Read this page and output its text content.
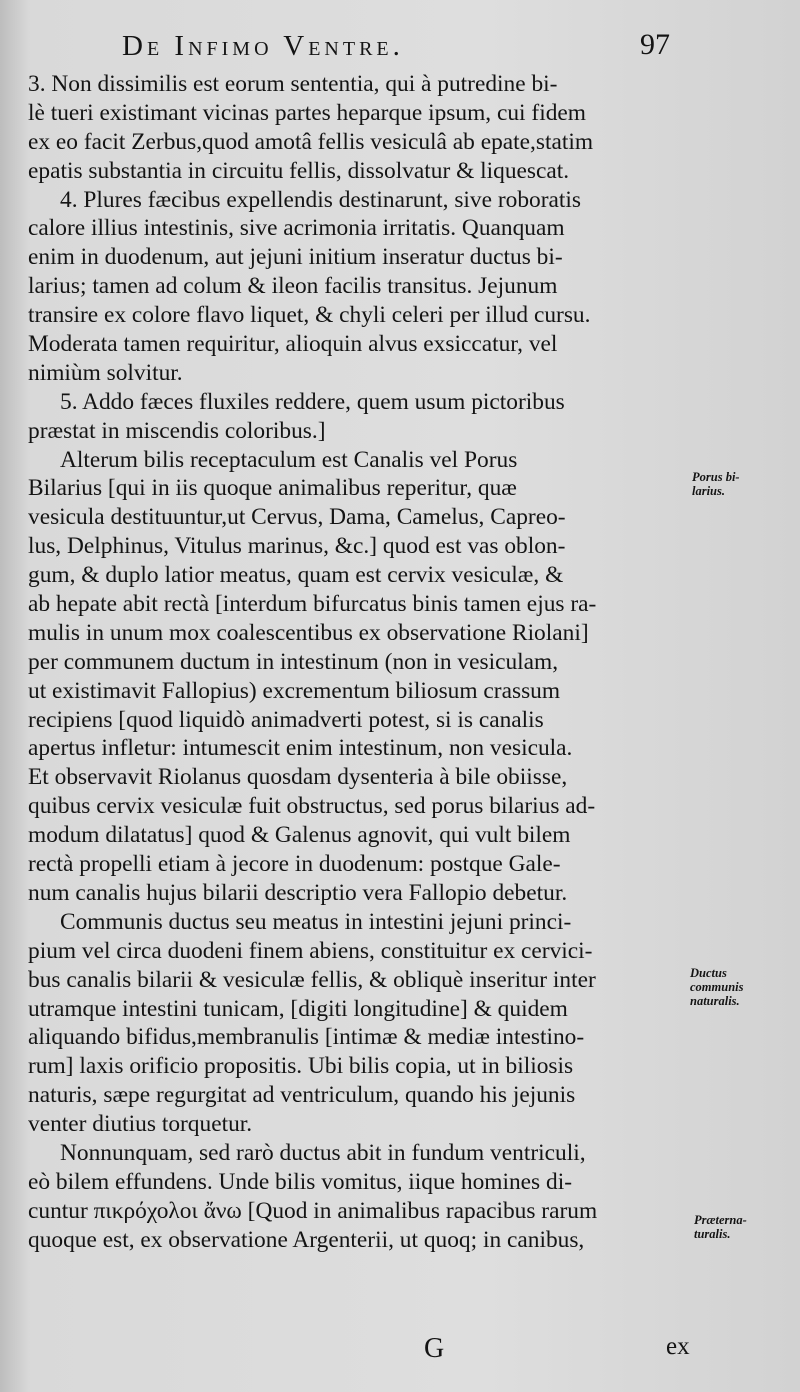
De Infimo Ventre.	97
3. Non dissimilis est eorum sententia, qui à putredine bi-
lè tueri existimant vicinas partes heparque ipsum, cui fidem
ex eo facit Zerbus,quod amotâ fellis vesiculâ ab epate,statim
epatis substantia in circuitu fellis, dissolvatur & liquescat.
4. Plures fæcibus expellendis destinarunt, sive roboratis
calore illius intestinis, sive acrimonia irritatis. Quanquam
enim in duodenum, aut jejuni initium inseratur ductus bi-
larius; tamen ad colum & ileon facilis transitus. Jejunum
transire ex colore flavo liquet, & chyli celeri per illud cursu.
Moderata tamen requiritur, alioquin alvus exsiccatur, vel
nimiùm solvitur.
5. Addo fæces fluxiles reddere, quem usum pictoribus
præstat in miscendis coloribus.]
Alterum bilis receptaculum est Canalis vel Porus
Bilarius [qui in iis quoque animalibus reperitur, quæ
vesicula destituuntur,ut Cervus, Dama, Camelus, Capreo-
lus, Delphinus, Vitulus marinus, &c.] quod est vas oblon-
gum, & duplo latior meatus, quam est cervix vesiculæ, &
ab hepate abit rectà [interdum bifurcatus binis tamen ejus ra-
mulis in unum mox coalescentibus ex observatione Riolani]
per communem ductum in intestinum (non in vesiculam,
ut existimavit Fallopius) excrementum biliosum crassum
recipiens [quod liquidò animadverti potest, si is canalis
apertus infletur: intumescit enim intestinum, non vesicula.
Et observavit Riolanus quosdam dysenteria à bile obiisse,
quibus cervix vesiculæ fuit obstructus, sed porus bilarius ad-
modum dilatatus] quod & Galenus agnovit, qui vult bilem
rectà propelli etiam à jecore in duodenum: postque Gale-
num canalis hujus bilarii descriptio vera Fallopio debetur.
Communis ductus seu meatus in intestini jejuni princi-
pium vel circa duodeni finem abiens, constituitur ex cervici-
bus canalis bilarii & vesiculæ fellis, & obliquè inseritur inter
utramque intestini tunicam, [digiti longitudine] & quidem
aliquando bifidus,membranulis [intimæ & mediæ intestino-
rum] laxis orificio propositis. Ubi bilis copia, ut in biliosis
naturis, sæpe regurgitat ad ventriculum, quando his jejunis
venter diutius torquetur.
Nonnunquam, sed rarò ductus abit in fundum ventriculi,
eò bilem effundens. Unde bilis vomitus, iique homines di-
cuntur πικρόχολοι ἄνω [Quod in animalibus rapacibus rarum
quoque est, ex observatione Argenterii, ut quoq; in canibus,
Porus bi-
larius.
Ductus
communis
naturalis.
Præterna-
turalis.
G	ex
